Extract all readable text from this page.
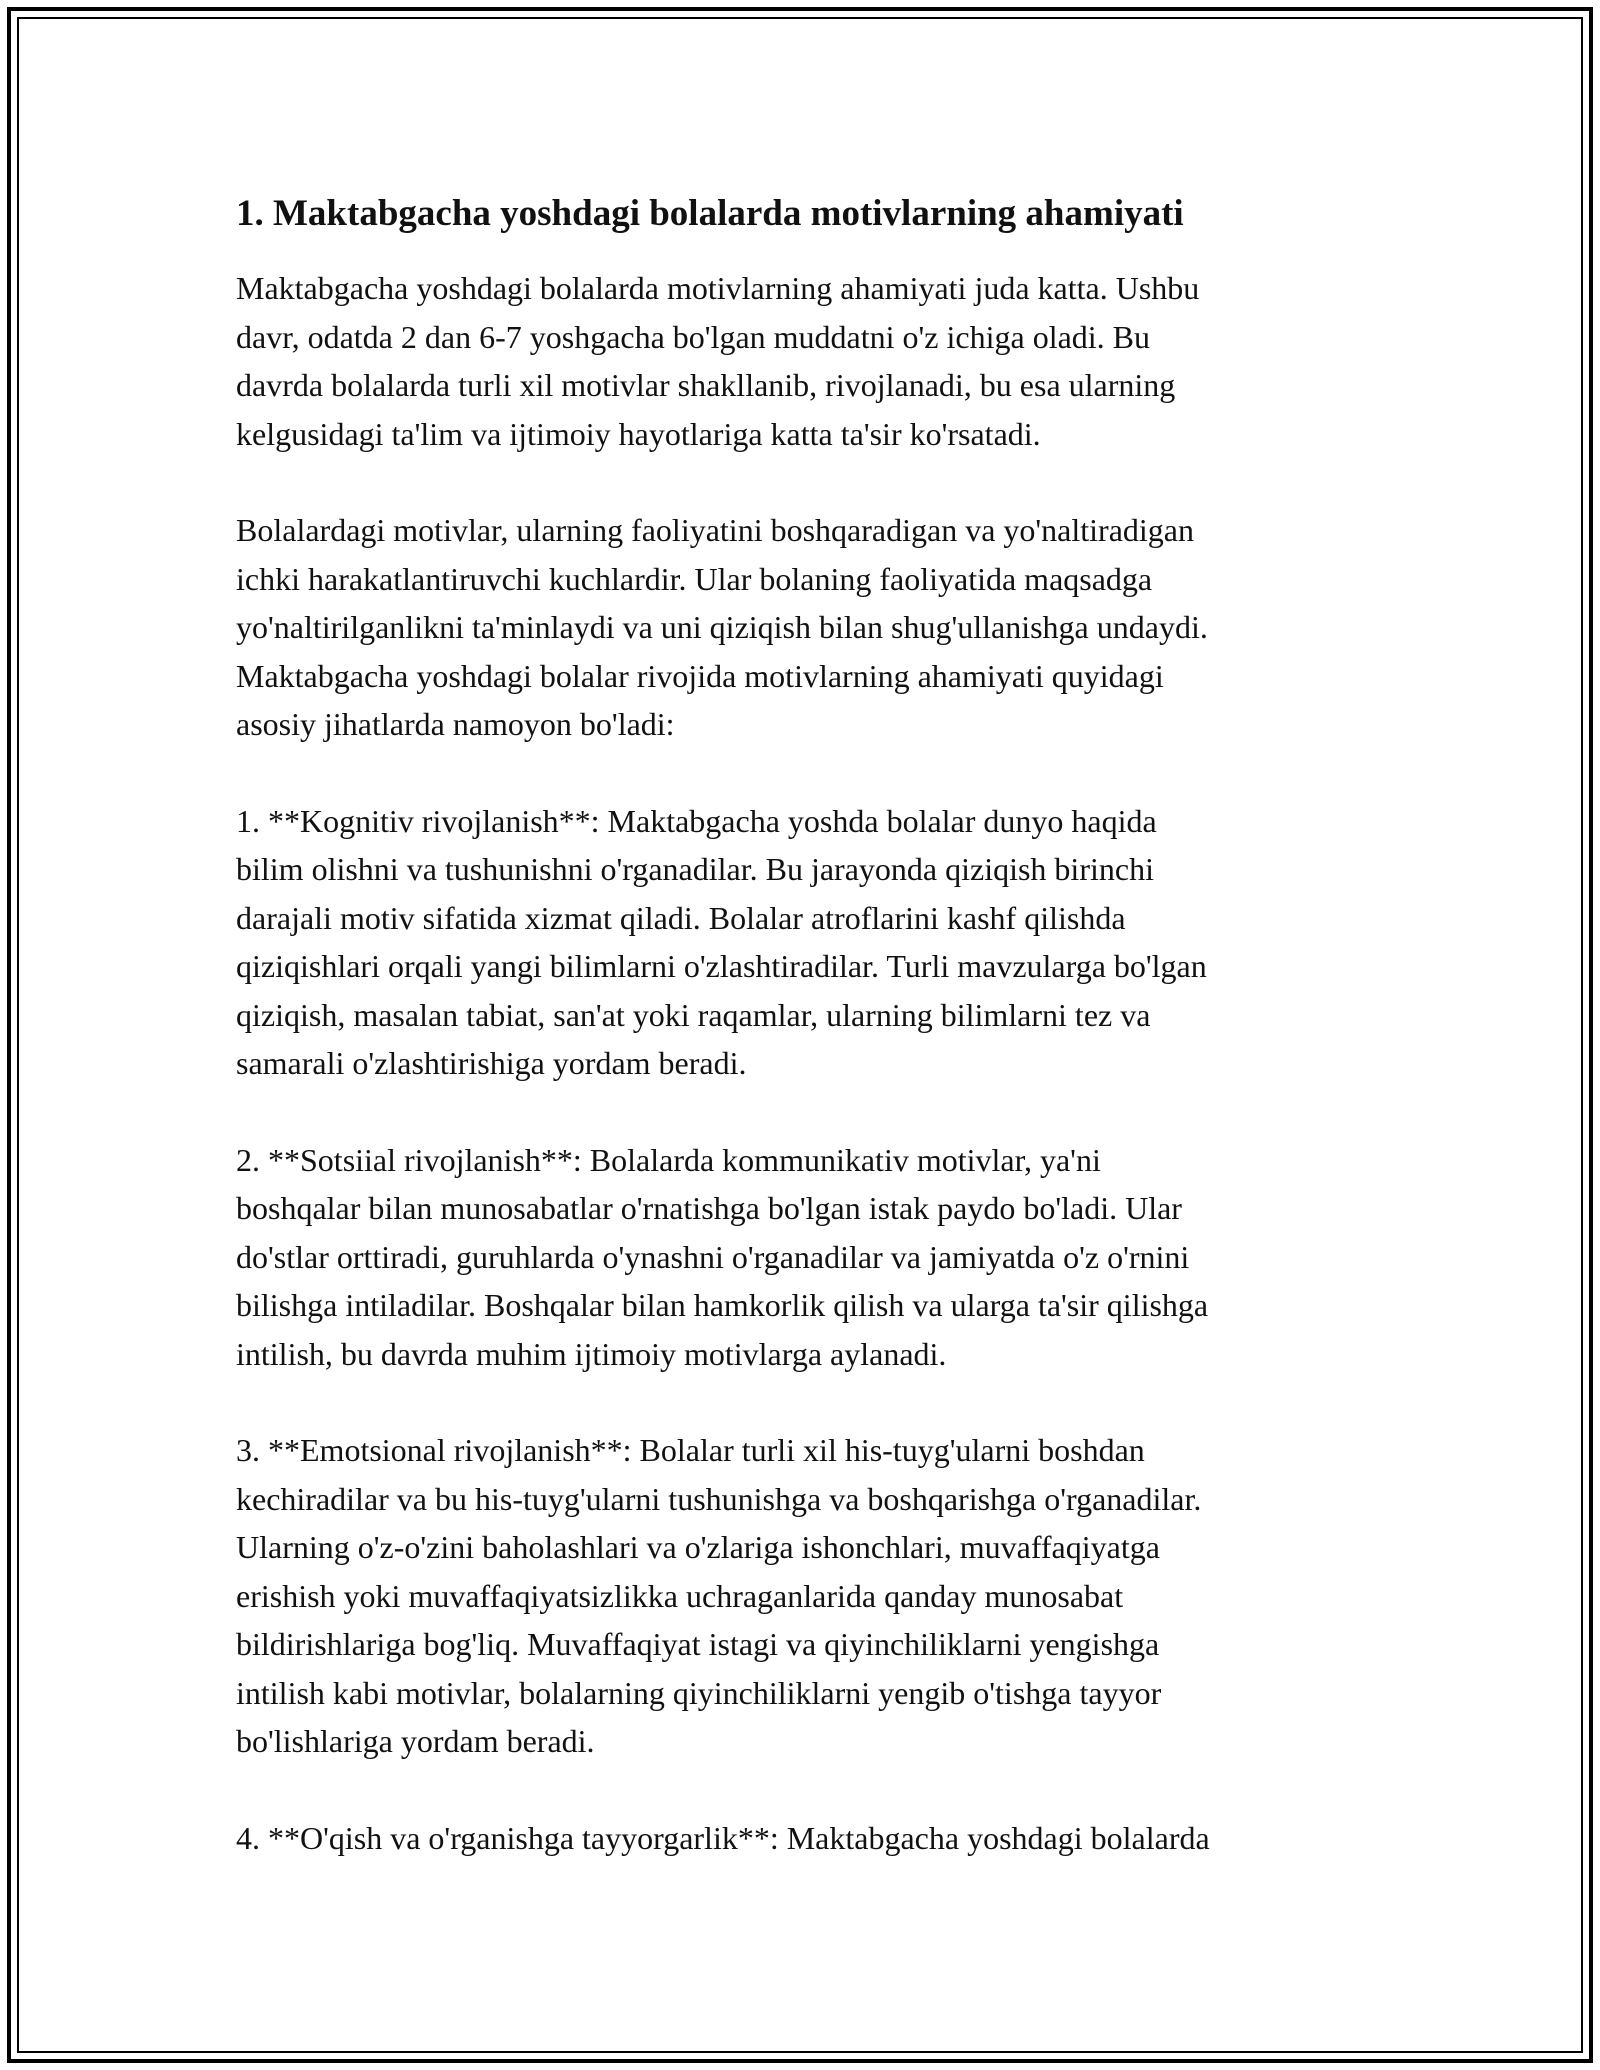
1. Maktabgacha yoshdagi bolalarda motivlarning ahamiyati

Maktabgacha yoshdagi bolalarda motivlarning ahamiyati juda katta. Ushbu
davr, odatda 2 dan 6-7 yoshgacha bo'lgan muddatni o'z ichiga oladi. Bu
davrda bolalarda turli xil motivlar shakllanib, rivojlanadi, bu esa ularning
kelgusidagi ta'lim va ijtimoiy hayotlariga katta ta'sir ko'rsatadi.

Bolalardagi motivlar, ularning faoliyatini boshqaradigan va yo'naltiradigan
ichki harakatlantiruvchi kuchlardir. Ular bolaning faoliyatida maqsadga
yo'naltirilganlikni ta'minlaydi va uni qiziqish bilan shug'ullanishga undaydi.
Maktabgacha yoshdagi bolalar rivojida motivlarning ahamiyati quyidagi
asosiy jihatlarda namoyon bo'ladi:

1. **Kognitiv rivojlanish**: Maktabgacha yoshda bolalar dunyo haqida
bilim olishni va tushunishni o'rganadilar. Bu jarayonda qiziqish birinchi
darajali motiv sifatida xizmat qiladi. Bolalar atroflarini kashf qilishda
qiziqishlari orqali yangi bilimlarni o'zlashtiradilar. Turli mavzularga bo'lgan
qiziqish, masalan tabiat, san'at yoki raqamlar, ularning bilimlarni tez va
samarali o'zlashtirishiga yordam beradi.

2. **Sotsiial rivojlanish**: Bolalarda kommunikativ motivlar, ya'ni
boshqalar bilan munosabatlar o'rnatishga bo'lgan istak paydo bo'ladi. Ular
do'stlar orttiradi, guruhlarda o'ynashni o'rganadilar va jamiyatda o'z o'rnini
bilishga intiladilar. Boshqalar bilan hamkorlik qilish va ularga ta'sir qilishga
intilish, bu davrda muhim ijtimoiy motivlarga aylanadi.

3. **Emotsional rivojlanish**: Bolalar turli xil his-tuyg'ularni boshdan
kechiradilar va bu his-tuyg'ularni tushunishga va boshqarishga o'rganadilar.
Ularning o'z-o'zini baholashlari va o'zlariga ishonchlari, muvaffaqiyatga
erishish yoki muvaffaqiyatsizlikka uchraganlarida qanday munosabat
bildirishlariga bog'liq. Muvaffaqiyat istagi va qiyinchiliklarni yengishga
intilish kabi motivlar, bolalarning qiyinchiliklarni yengib o'tishga tayyor
bo'lishlariga yordam beradi.

4. **O'qish va o'rganishga tayyorgarlik**: Maktabgacha yoshdagi bolalarda
